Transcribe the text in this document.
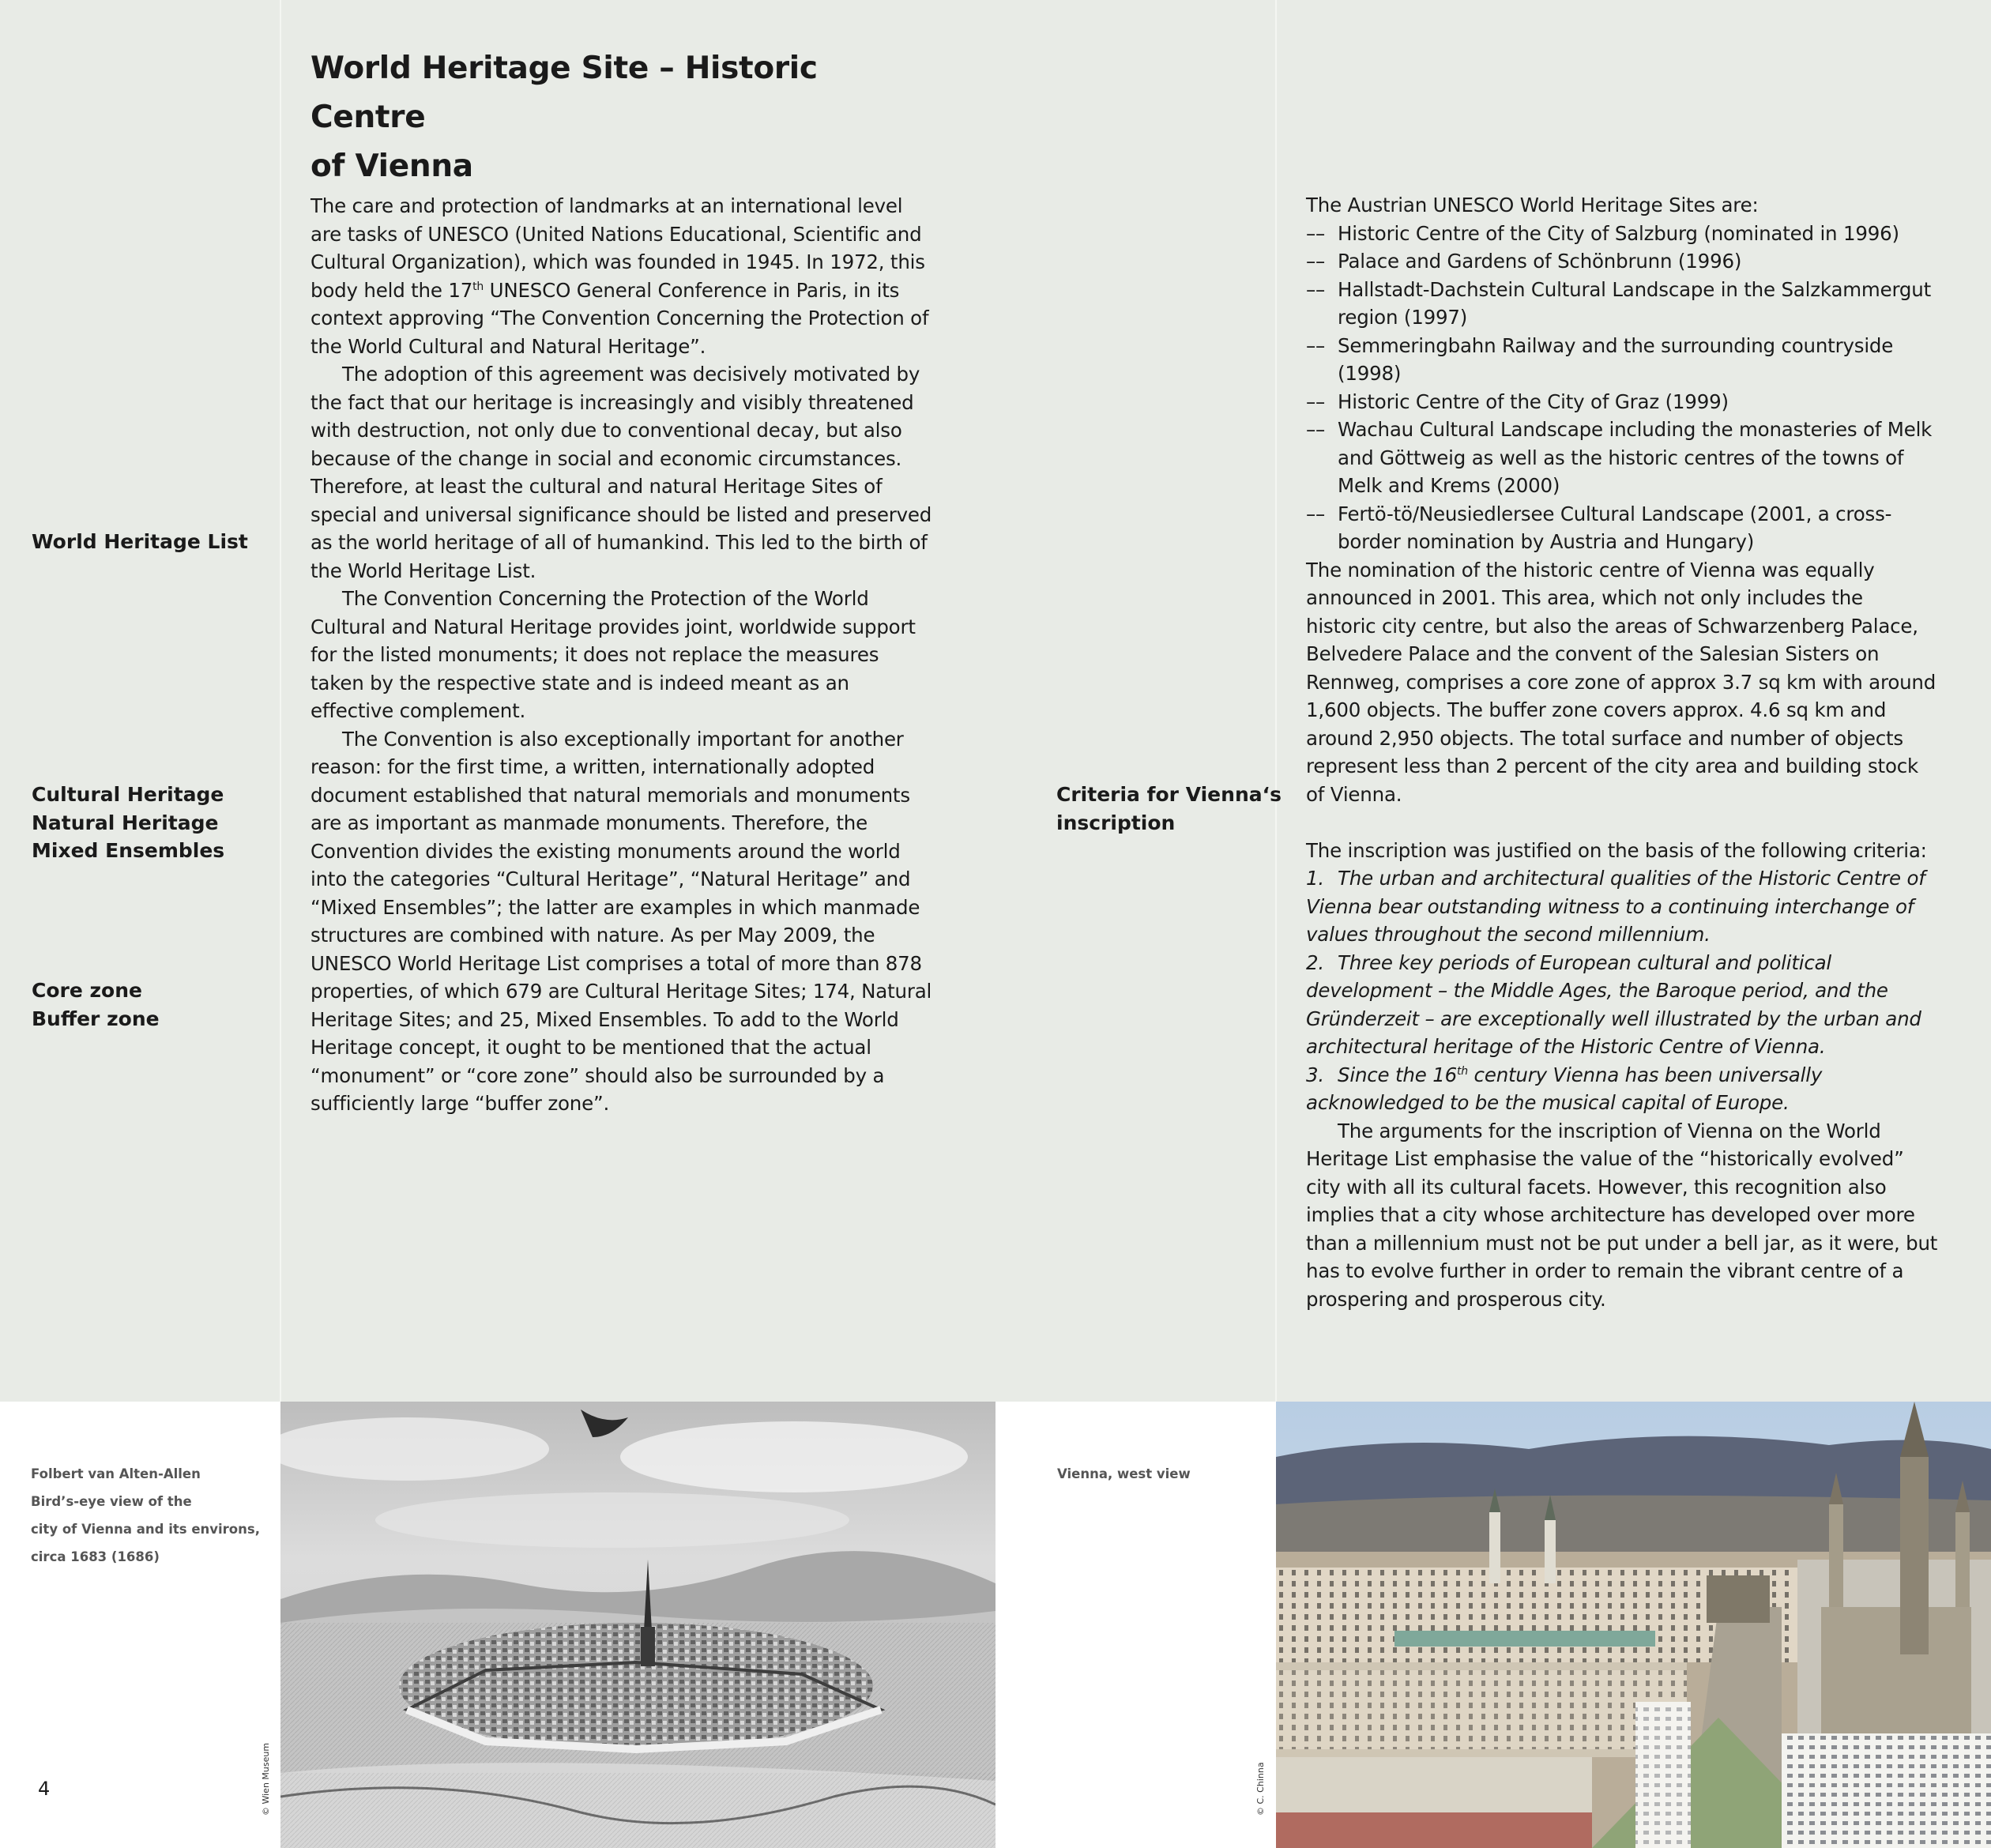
World Heritage Site – Historic Centre
of Vienna
World Heritage List
Cultural Heritage
Natural Heritage
Mixed Ensembles
Core zone
Buffer zone
Criteria for Vienna‘s
inscription

The care and protection of landmarks at an international level are tasks of UNESCO (United Nations Educational, Scientific and Cultural Organization), which was founded in 1945. In 1972, this body held the 17th UNESCO General Conference in Paris, in its context approving “The Convention Concerning the Protection of the World Cultural and Natural Heritage”.

The adoption of this agreement was decisively motivated by the fact that our heritage is increasingly and visibly threatened with destruction, not only due to conventional decay, but also because of the change in social and economic circumstances. Therefore, at least the cultural and natural Heritage Sites of special and universal significance should be listed and preserved as the world heritage of all of humankind. This led to the birth of the World Heritage List.

The Convention Concerning the Protection of the World Cultural and Natural Heritage provides joint, worldwide support for the listed monuments; it does not replace the measures taken by the respective state and is indeed meant as an effective complement.

The Convention is also exceptionally important for another reason: for the first time, a written, internationally adopted document established that natural memorials and monuments are as important as manmade monuments. Therefore, the Convention divides the existing monuments around the world into the categories “Cultural Heritage”, “Natural Heritage” and “Mixed Ensembles”; the latter are examples in which manmade structures are combined with nature. As per May 2009, the UNESCO World Heritage List comprises a total of more than 878 properties, of which 679 are Cultural Heritage Sites; 174, Natural Heritage Sites; and 25, Mixed Ensembles. To add to the World Heritage concept, it ought to be mentioned that the actual “monument” or “core zone” should also be surrounded by a sufficiently large “buffer zone”.

The Austrian UNESCO World Heritage Sites are:

–– Historic Centre of the City of Salzburg (nominated in 1996)
–– Palace and Gardens of Schönbrunn (1996)
–– Hallstadt-Dachstein Cultural Landscape in the Salzkammergut region (1997)
–– Semmeringbahn Railway and the surrounding countryside (1998)
–– Historic Centre of the City of Graz (1999)
–– Wachau Cultural Landscape including the monasteries of Melk and Göttweig as well as the historic centres of the towns of Melk and Krems (2000)
–– Fertö-tö/Neusiedlersee Cultural Landscape (2001, a cross-border nomination by Austria and Hungary)

The nomination of the historic centre of Vienna was equally announced in 2001. This area, which not only includes the historic city centre, but also the areas of Schwarzenberg Palace, Belvedere Palace and the convent of the Salesian Sisters on Rennweg, comprises a core zone of approx 3.7 sq km with around 1,600 objects. The buffer zone covers approx. 4.6 sq km and around 2,950 objects. The total surface and number of objects represent less than 2 percent of the city area and building stock of Vienna.

The inscription was justified on the basis of the following criteria:

1. The urban and architectural qualities of the Historic Centre of Vienna bear outstanding witness to a continuing interchange of values throughout the second millennium.

2. Three key periods of European cultural and political development – the Middle Ages, the Baroque period, and the Gründerzeit – are exceptionally well illustrated by the urban and architectural heritage of the Historic Centre of Vienna.

3. Since the 16th century Vienna has been universally acknowledged to be the musical capital of Europe.

The arguments for the inscription of Vienna on the World Heritage List emphasise the value of the “historically evolved” city with all its cultural facets. However, this recognition also implies that a city whose architecture has developed over more than a millennium must not be put under a bell jar, as it were, but has to evolve further in order to remain the vibrant centre of a prospering and prosperous city.

Folbert van Alten-Allen
Bird’s-eye view of the
city of Vienna and its environs,
circa 1683 (1686)
Vienna, west view
© Wien Museum	© C. Chinna
4
